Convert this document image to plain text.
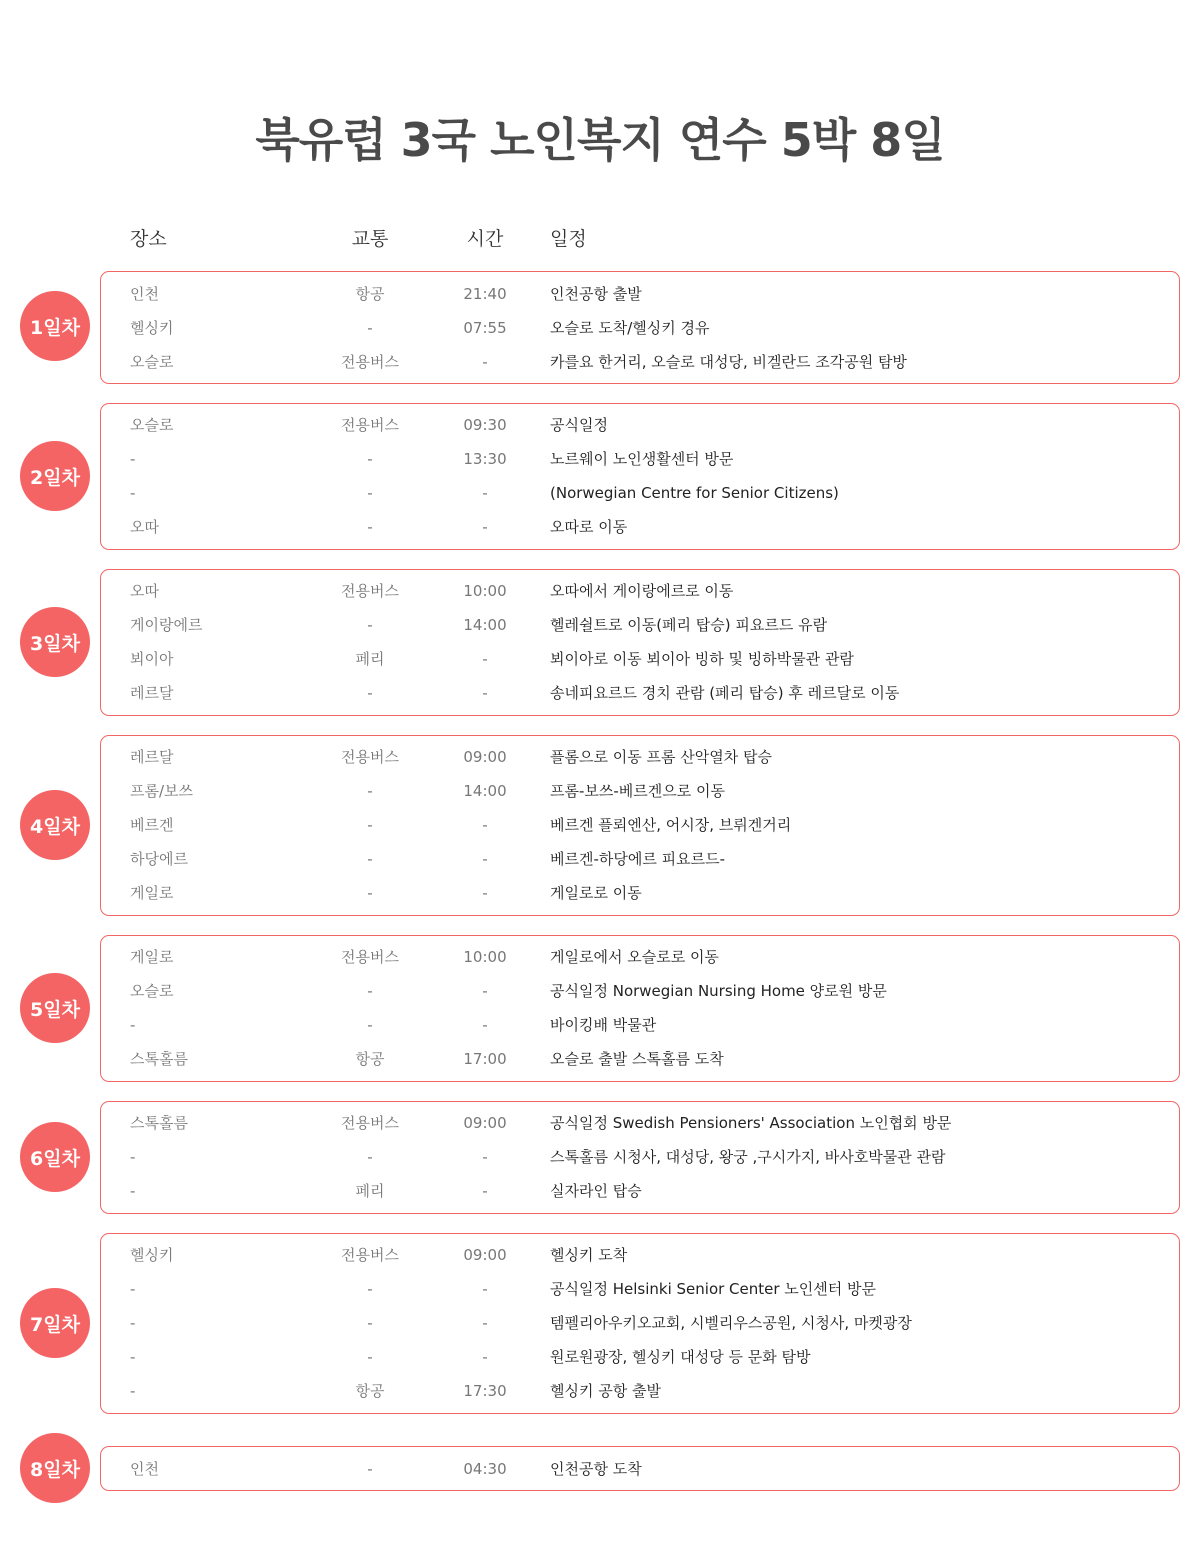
북유럽 3국 노인복지 연수 5박 8일
장소	교통	시간 일정
1일차
인천	항공	21:40	인천공항 출발
헬싱키	-	07:55	오슬로 도착/헬싱키 경유
오슬로	전용버스	-	카를요 한거리, 오슬로 대성당, 비겔란드 조각공원 탐방
2일차
오슬로	전용버스	09:30	공식일정
-	-	13:30	노르웨이 노인생활센터 방문
-	-	-	(Norwegian Centre for Senior Citizens)
오따	-	-	오따로 이동
3일차
오따	전용버스	10:00	오따에서 게이랑에르로 이동
게이랑에르	-	14:00	헬레쉴트로 이동(페리 탑승) 피요르드 유람
뵈이아	페리	-	뵈이아로 이동 뵈이아 빙하 및 빙하박물관 관람
레르달	-	-	송네피요르드 경치 관람 (페리 탑승) 후 레르달로 이동
4일차
레르달	전용버스	09:00	플롬으로 이동 프롬 산악열차 탑승
프롬/보쓰	-	14:00	프롬-보쓰-베르겐으로 이동
베르겐	-	-	베르겐 플뢰엔산, 어시장, 브뤼겐거리
하당에르	-	-	베르겐-하당에르 피요르드-
게일로	-	-	게일로로 이동
5일차
게일로	전용버스	10:00	게일로에서 오슬로로 이동
오슬로	-	-	공식일정 Norwegian Nursing Home 양로원 방문
-	-	-	바이킹배 박물관
스톡홀름	항공	17:00	오슬로 출발 스톡홀름 도착
6일차
스톡홀름	전용버스	09:00	공식일정 Swedish Pensioners' Association 노인협회 방문
-	-	-	스톡홀름 시청사, 대성당, 왕궁 ,구시가지, 바사호박물관 관람
-	페리	-	실자라인 탑승
7일차
헬싱키	전용버스	09:00	헬싱키 도착
-	-	-	공식일정 Helsinki Senior Center 노인센터 방문
-	-	-	템펠리아우키오교회, 시벨리우스공원, 시청사, 마켓광장
-	-	-	원로원광장, 헬싱키 대성당 등 문화 탐방
-	항공	17:30	헬싱키 공항 출발
8일차	인천	-	04:30	인천공항 도착
